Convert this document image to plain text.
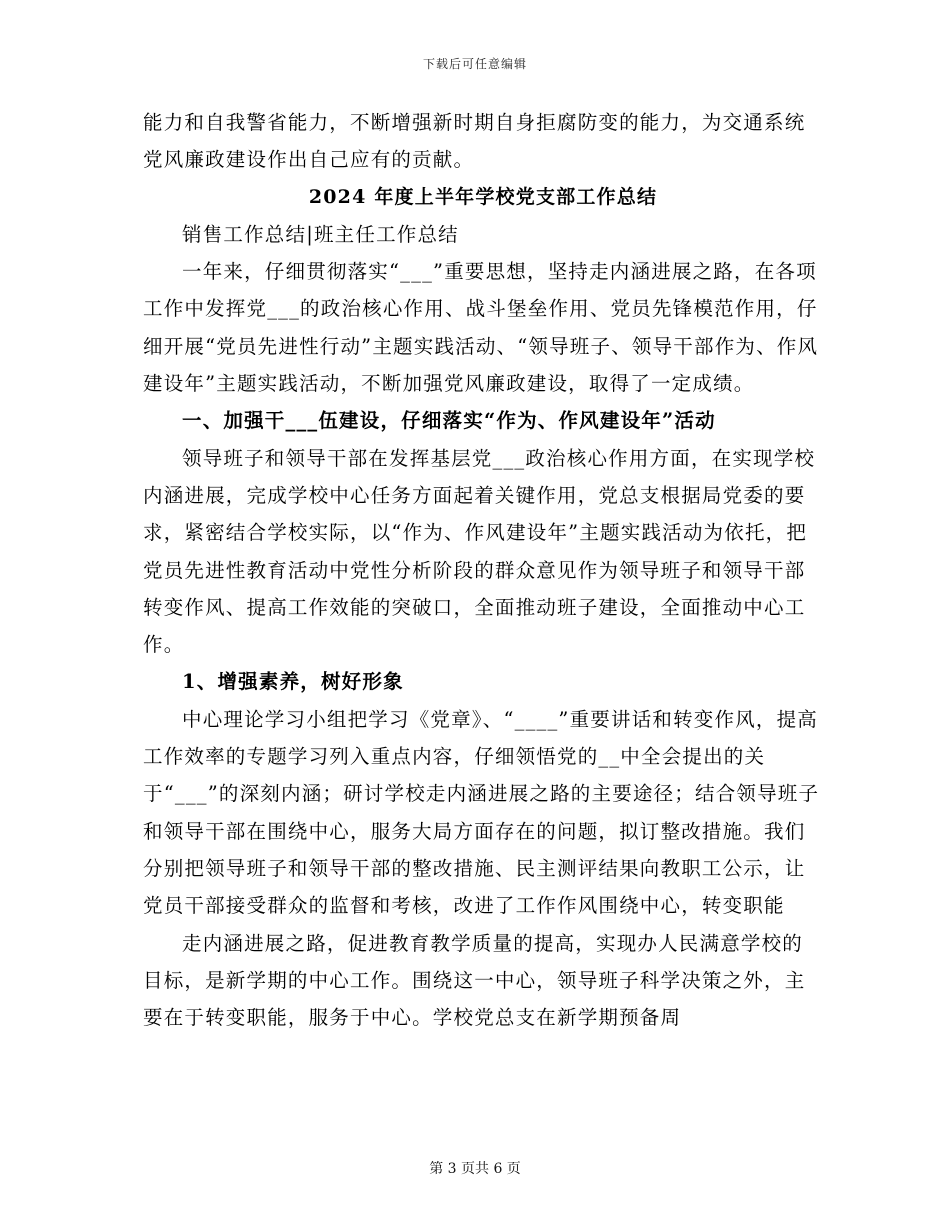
下载后可任意编辑

能力和自我警省能力，不断增强新时期自身拒腐防变的能力，为交通系统党风廉政建设作出自己应有的贡献。

2024 年度上半年学校党支部工作总结

销售工作总结|班主任工作总结

一年来，仔细贯彻落实“___”重要思想，坚持走内涵进展之路，在各项工作中发挥党___的政治核心作用、战斗堡垒作用、党员先锋模范作用，仔细开展“党员先进性行动”主题实践活动、“领导班子、领导干部作为、作风建设年”主题实践活动，不断加强党风廉政建设，取得了一定成绩。

一、加强干___伍建设，仔细落实“作为、作风建设年”活动

领导班子和领导干部在发挥基层党___政治核心作用方面，在实现学校内涵进展，完成学校中心任务方面起着关键作用，党总支根据局党委的要求，紧密结合学校实际，以“作为、作风建设年”主题实践活动为依托，把党员先进性教育活动中党性分析阶段的群众意见作为领导班子和领导干部转变作风、提高工作效能的突破口，全面推动班子建设，全面推动中心工作。

1、增强素养，树好形象

中心理论学习小组把学习《党章》、“____”重要讲话和转变作风，提高工作效率的专题学习列入重点内容，仔细领悟党的__中全会提出的关于“___”的深刻内涵；研讨学校走内涵进展之路的主要途径；结合领导班子和领导干部在围绕中心，服务大局方面存在的问题，拟订整改措施。我们分别把领导班子和领导干部的整改措施、民主测评结果向教职工公示，让党员干部接受群众的监督和考核，改进了工作作风围绕中心，转变职能

走内涵进展之路，促进教育教学质量的提高，实现办人民满意学校的目标，是新学期的中心工作。围绕这一中心，领导班子科学决策之外，主要在于转变职能，服务于中心。学校党总支在新学期预备周

第 3 页共 6 页
